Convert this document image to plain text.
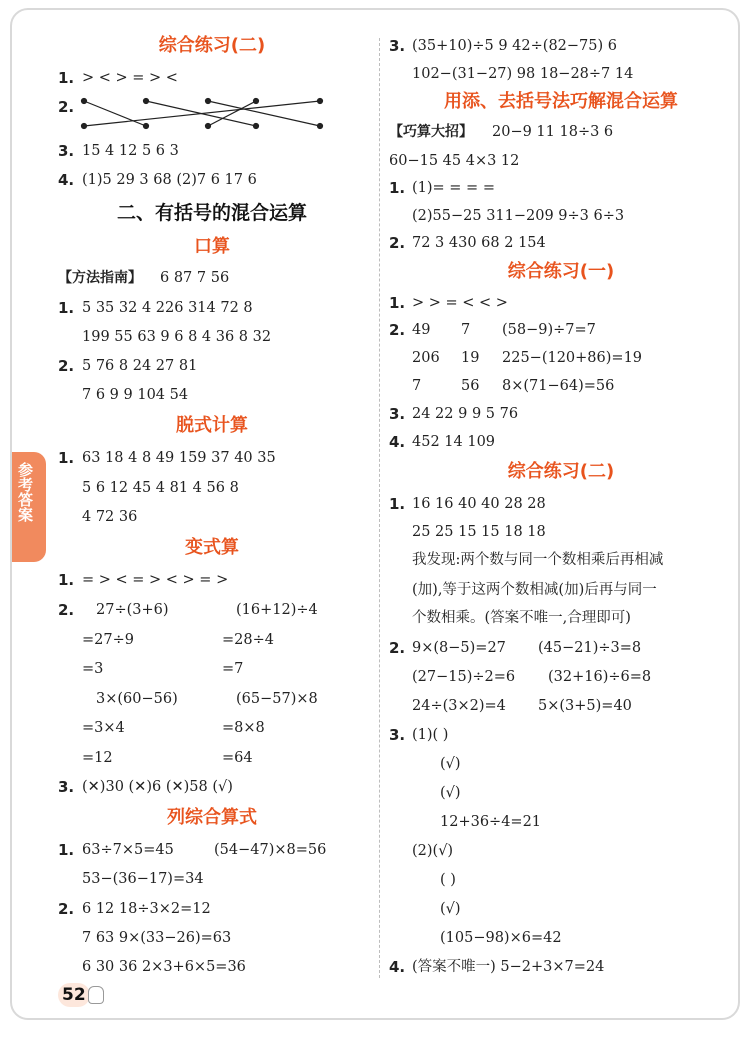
参考答案
综合练习(二)
1. > < > = > <
2.
3. 15 4 12 5 6 3
4. (1)5 29 3 68 (2)7 6 17 6
二、有括号的混合运算
口算
【方法指南】 6 87 7 56
1. 5 35 32 4 226 314 72 8
199 55 63 9 6 8 4 36 8 32
2. 5 76 8 24 27 81
7 6 9 9 104 54
脱式计算
1. 63 18 4 8 49 159 37 40 35
5 6 12 45 4 81 4 56 8
4 72 36
变式算
1. = > < = > < > = >
2. 27÷(3+6)	(16+12)÷4
=27÷9	=28÷4
=3	=7
3×(60−56)	(65−57)×8
=3×4	=8×8
=12	=64
3. (✕)30 (✕)6 (✕)58 (√)
列综合算式
1. 63÷7×5=45	(54−47)×8=56
53−(36−17)=34
2. 6 12 18÷3×2=12
7 63 9×(33−26)=63
6 30 36 2×3+6×5=36
3. (35+10)÷5 9 42÷(82−75) 6
102−(31−27) 98 18−28÷7 14
用添、去括号法巧解混合运算
【巧算大招】 20−9 11 18÷3 6
60−15 45 4×3 12
1. (1)= = = =
(2)55−25 311−209 9÷3 6÷3
2. 72 3 430 68 2 154
综合练习(一)
1. > > = < < >
2. 49 7 (58−9)÷7=7
206 19 225−(120+86)=19
7	56 8×(71−64)=56
3. 24 22 9 9 5 76
4. 452 14 109
综合练习(二)
1. 16 16 40 40 28 28
25 25 15 15 18 18
我发现:两个数与同一个数相乘后再相减
(加),等于这两个数相减(加)后再与同一
个数相乘。(答案不唯一,合理即可)
2. 9×(8−5)=27 (45−21)÷3=8
(27−15)÷2=6 (32+16)÷6=8
24÷(3×2)=4 5×(3+5)=40
3. (1)( )
(√)
(√)
12+36÷4=21
(2)(√)
( )
(√)
(105−98)×6=42
4. (答案不唯一) 5−2+3×7=24
52
